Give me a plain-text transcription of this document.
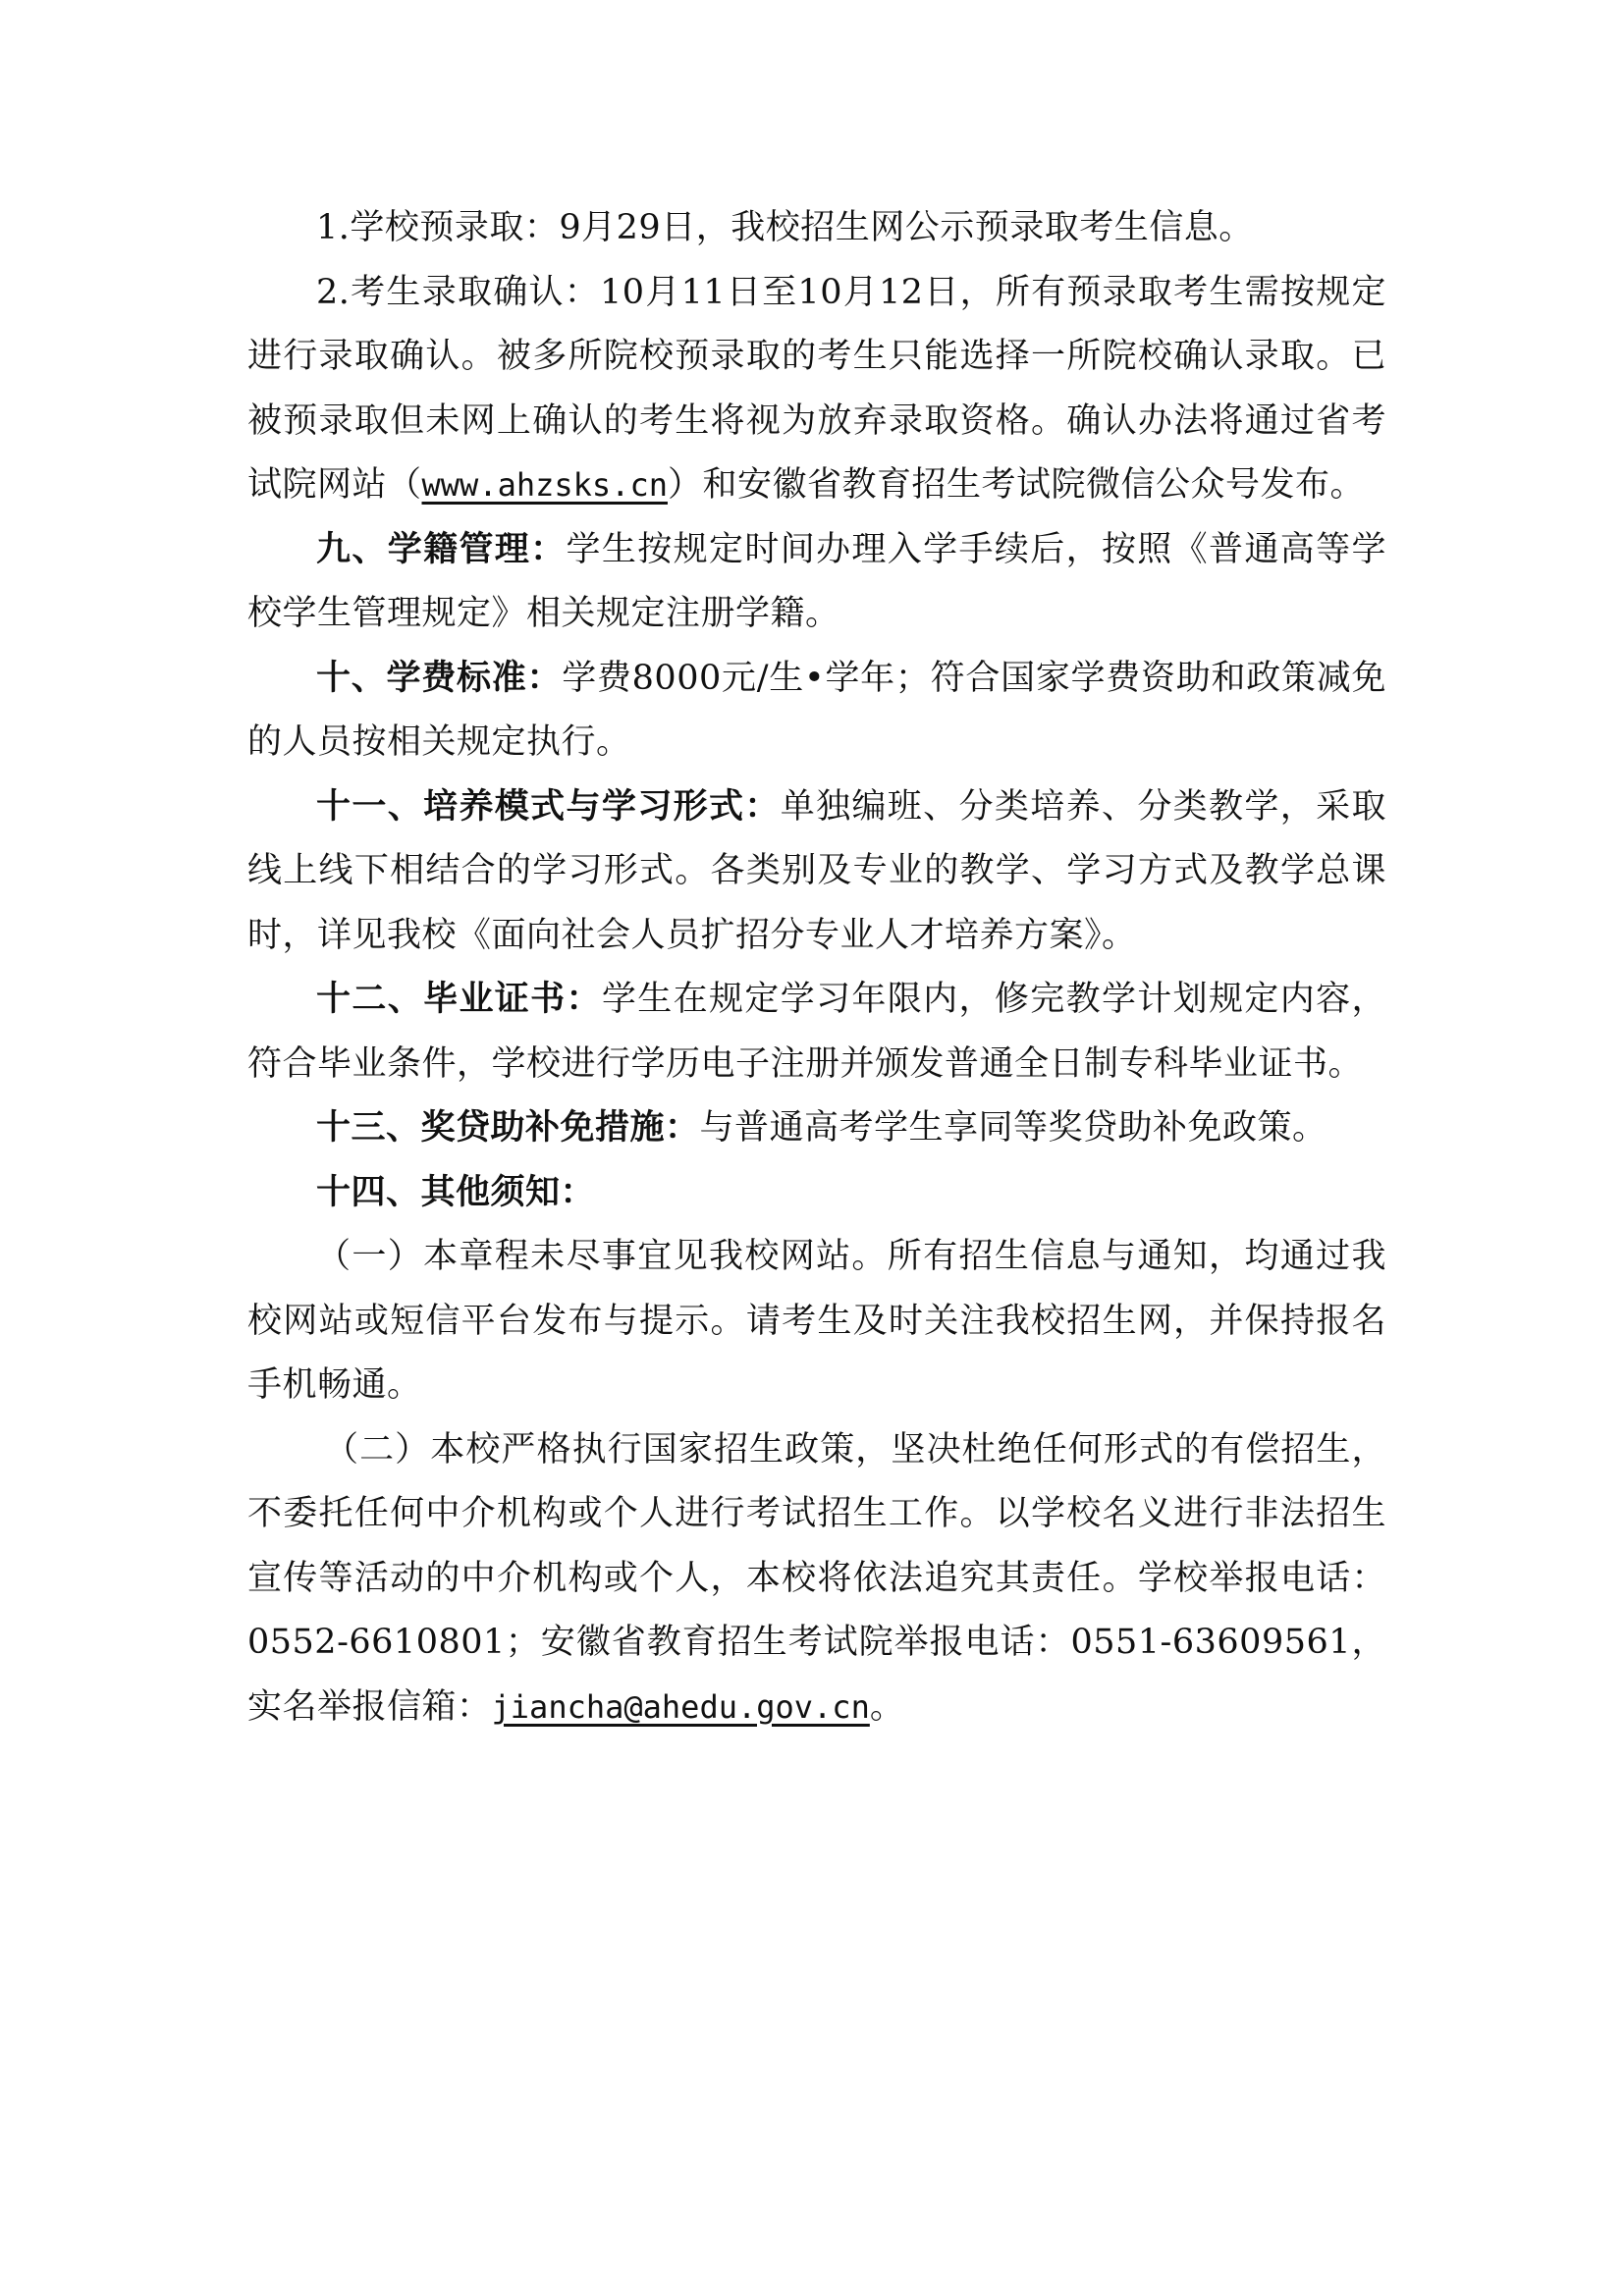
1.学校预录取：9月29日，我校招生网公示预录取考生信息。

2.考生录取确认：10月11日至10月12日，所有预录取考生需按规定进行录取确认。被多所院校预录取的考生只能选择一所院校确认录取。已被预录取但未网上确认的考生将视为放弃录取资格。确认办法将通过省考试院网站（www.ahzsks.cn）和安徽省教育招生考试院微信公众号发布。

九、学籍管理：学生按规定时间办理入学手续后，按照《普通高等学校学生管理规定》相关规定注册学籍。

十、学费标准：学费8000元/生•学年；符合国家学费资助和政策减免的人员按相关规定执行。

十一、培养模式与学习形式：单独编班、分类培养、分类教学，采取线上线下相结合的学习形式。各类别及专业的教学、学习方式及教学总课时，详见我校《面向社会人员扩招分专业人才培养方案》。

十二、毕业证书：学生在规定学习年限内，修完教学计划规定内容，符合毕业条件，学校进行学历电子注册并颁发普通全日制专科毕业证书。

十三、奖贷助补免措施：与普通高考学生享同等奖贷助补免政策。

十四、其他须知：

（一）本章程未尽事宜见我校网站。所有招生信息与通知，均通过我校网站或短信平台发布与提示。请考生及时关注我校招生网，并保持报名手机畅通。

（二）本校严格执行国家招生政策，坚决杜绝任何形式的有偿招生，不委托任何中介机构或个人进行考试招生工作。以学校名义进行非法招生宣传等活动的中介机构或个人，本校将依法追究其责任。学校举报电话：0552-6610801；安徽省教育招生考试院举报电话：0551-63609561，实名举报信箱：jiancha@ahedu.gov.cn。
